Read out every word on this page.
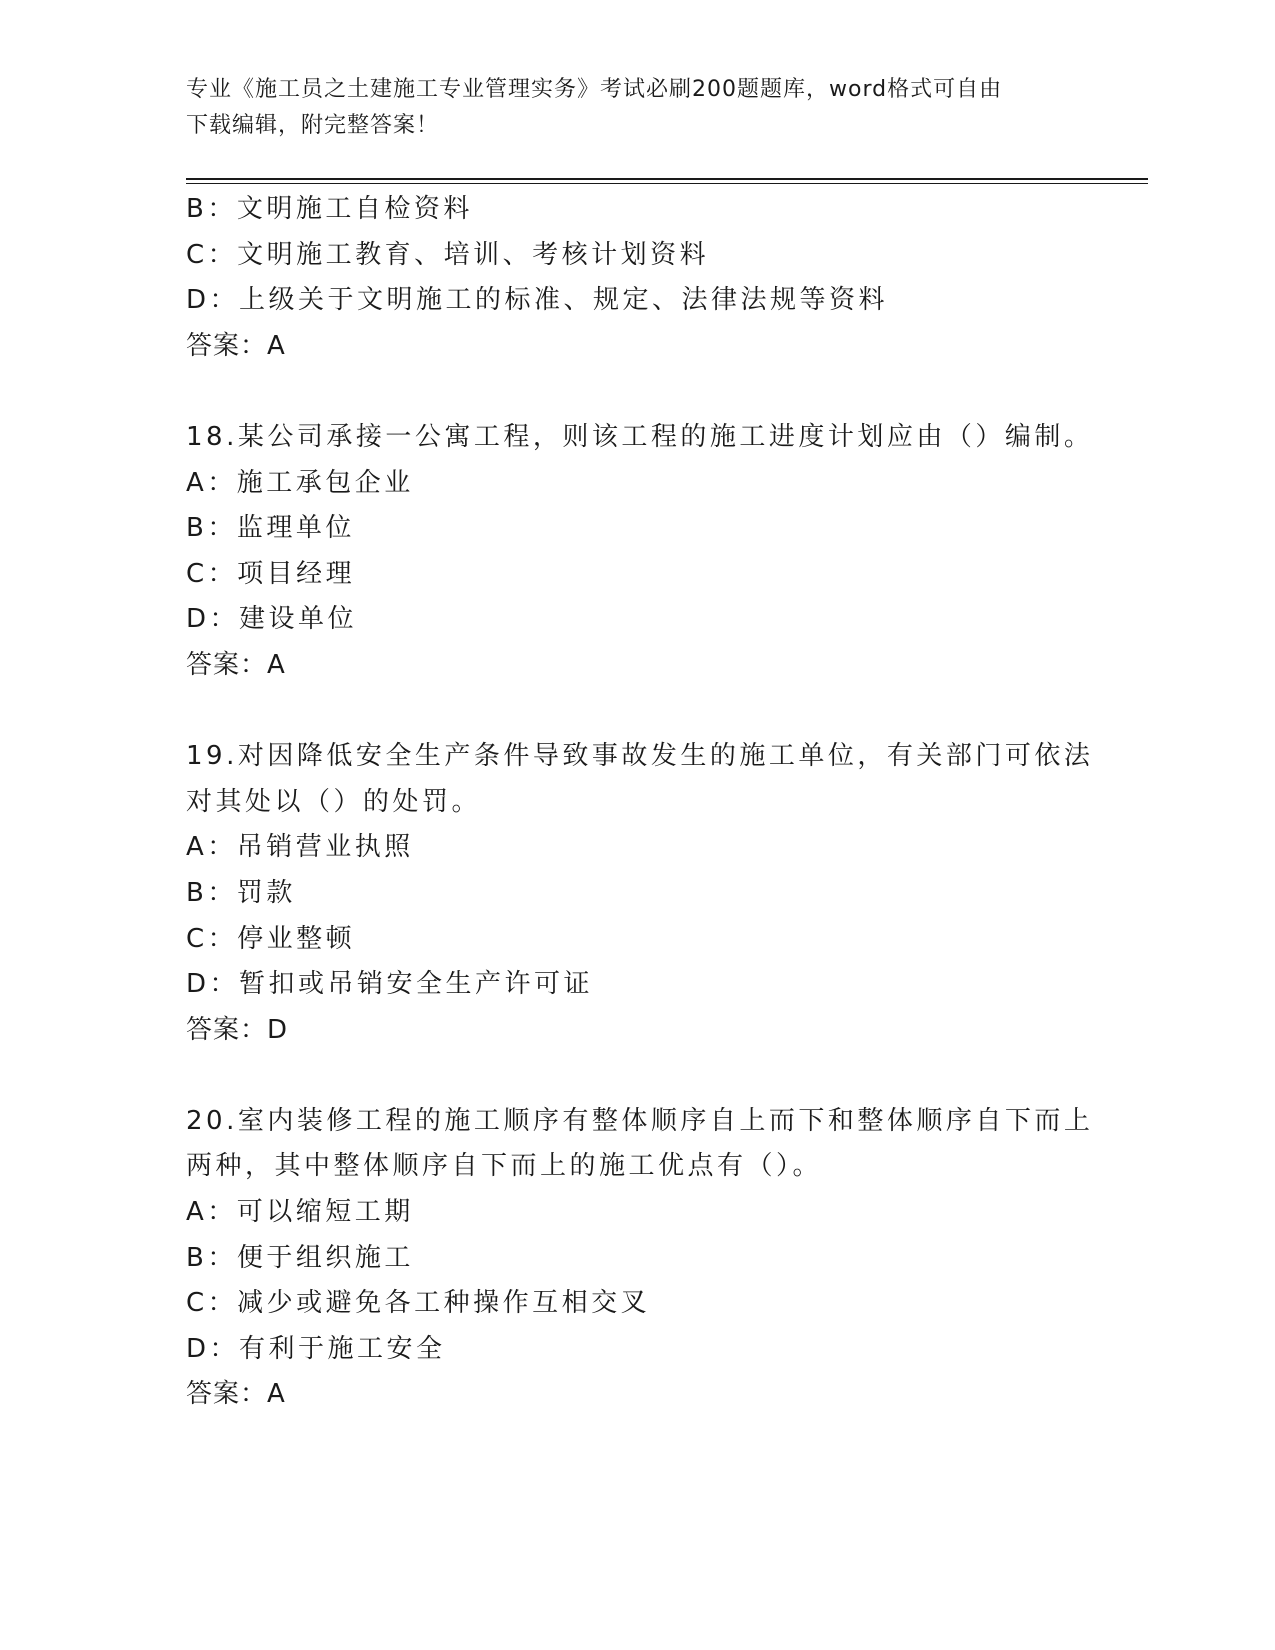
专业《施工员之土建施工专业管理实务》考试必刷200题题库，word格式可自由
下载编辑，附完整答案！
B：文明施工自检资料
C：文明施工教育、培训、考核计划资料
D：上级关于文明施工的标准、规定、法律法规等资料
答案：A
18.某公司承接一公寓工程，则该工程的施工进度计划应由（）编制。
A：施工承包企业
B：监理单位
C：项目经理
D：建设单位
答案：A
19.对因降低安全生产条件导致事故发生的施工单位，有关部门可依法
对其处以（）的处罚。
A：吊销营业执照
B：罚款
C：停业整顿
D：暂扣或吊销安全生产许可证
答案：D
20.室内装修工程的施工顺序有整体顺序自上而下和整体顺序自下而上
两种，其中整体顺序自下而上的施工优点有（）。
A：可以缩短工期
B：便于组织施工
C：减少或避免各工种操作互相交叉
D：有利于施工安全
答案：A
